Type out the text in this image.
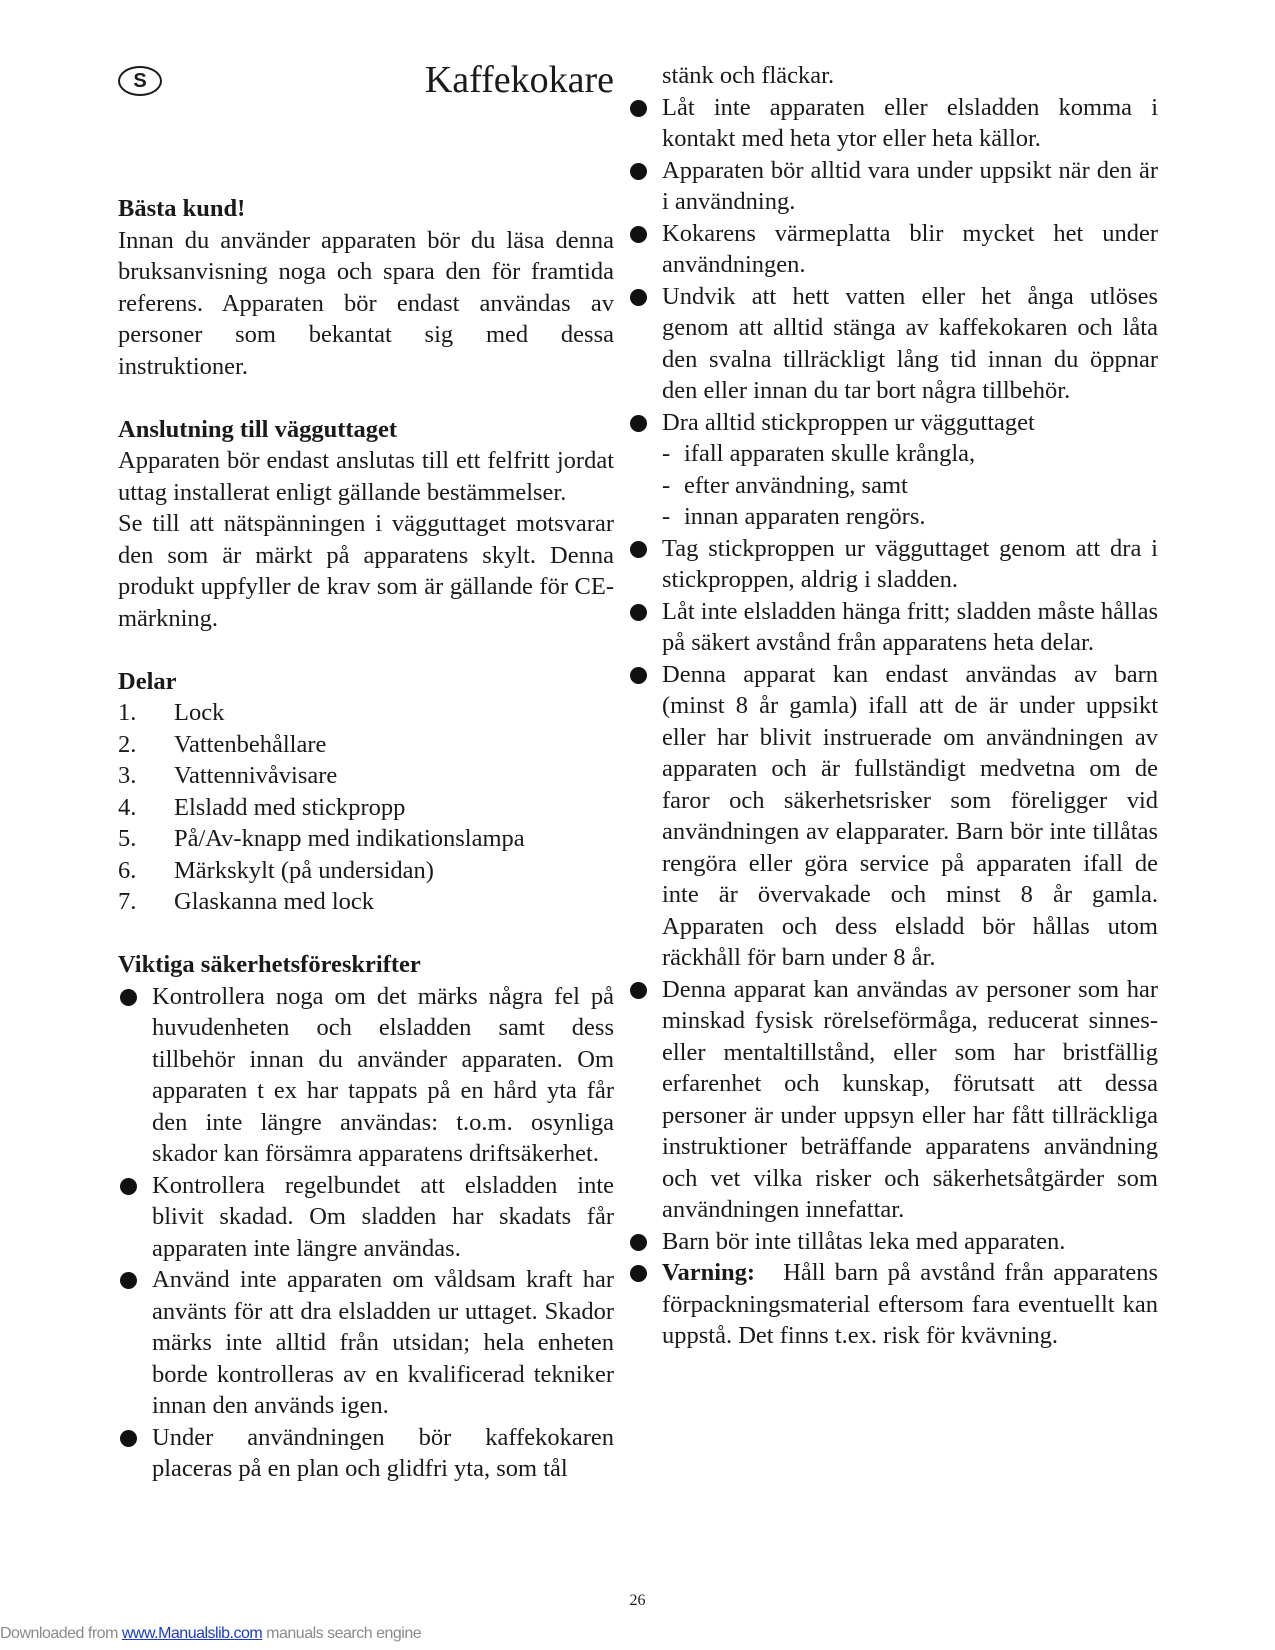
S	Kaffekokare
Bästa kund!

Innan du använder apparaten bör du läsa denna bruksanvisning noga och spara den för framtida referens. Apparaten bör endast användas av personer som bekantat sig med dessa instruktioner.

Anslutning till vägguttaget

Apparaten bör endast anslutas till ett felfritt jordat uttag installerat enligt gällande bestämmelser.

Se till att nätspänningen i vägguttaget motsvarar den som är märkt på apparatens skylt. Denna produkt uppfyller de krav som är gällande för CE-märkning.

Delar
1.	Lock
2.	Vattenbehållare
3.	Vattennivåvisare
4.	Elsladd med stickpropp
5.	På/Av-knapp med indikationslampa
6.	Märkskylt (på undersidan)
7.	Glaskanna med lock
Viktiga säkerhetsföreskrifter
Kontrollera noga om det märks några fel på huvudenheten och elsladden samt dess tillbehör innan du använder apparaten. Om apparaten t ex har tappats på en hård yta får den inte längre användas: t.o.m. osynliga skador kan försämra apparatens driftsäkerhet.
Kontrollera regelbundet att elsladden inte blivit skadad. Om sladden har skadats får apparaten inte längre användas.
Använd inte apparaten om våldsam kraft har använts för att dra elsladden ur uttaget. Skador märks inte alltid från utsidan; hela enheten borde kontrolleras av en kvalificerad tekniker innan den används igen.
Under användningen bör kaffekokaren placeras på en plan och glidfri yta, som tål

stänk och fläckar.

Låt inte apparaten eller elsladden komma i kontakt med heta ytor eller heta källor.
Apparaten bör alltid vara under uppsikt när den är i användning.
Kokarens värmeplatta blir mycket het under användningen.
Undvik att hett vatten eller het ånga utlöses genom att alltid stänga av kaffekokaren och låta den svalna tillräckligt lång tid innan du öppnar den eller innan du tar bort några tillbehör.
Dra alltid stickproppen ur vägguttaget
- ifall apparaten skulle krångla,
- efter användning, samt
- innan apparaten rengörs.
Tag stickproppen ur vägguttaget genom att dra i stickproppen, aldrig i sladden.
Låt inte elsladden hänga fritt; sladden måste hållas på säkert avstånd från apparatens heta delar.
Denna apparat kan endast användas av barn (minst 8 år gamla) ifall att de är under uppsikt eller har blivit instruerade om användningen av apparaten och är fullständigt medvetna om de faror och säkerhetsrisker som föreligger vid användningen av elapparater. Barn bör inte tillåtas rengöra eller göra service på apparaten ifall de inte är övervakade och minst 8 år gamla. Apparaten och dess elsladd bör hållas utom räckhåll för barn under 8 år.
Denna apparat kan användas av personer som har minskad fysisk rörelseförmåga, reducerat sinnes- eller mentaltillstånd, eller som har bristfällig erfarenhet och kunskap, förutsatt att dessa personer är under uppsyn eller har fått tillräckliga instruktioner beträffande apparatens användning och vet vilka risker och säkerhetsåtgärder som användningen innefattar.
Barn bör inte tillåtas leka med apparaten.
Varning: Håll barn på avstånd från apparatens förpackningsmaterial eftersom fara eventuellt kan uppstå. Det finns t.ex. risk för kvävning.
26
Downloaded from www.Manualslib.com manuals search engine
